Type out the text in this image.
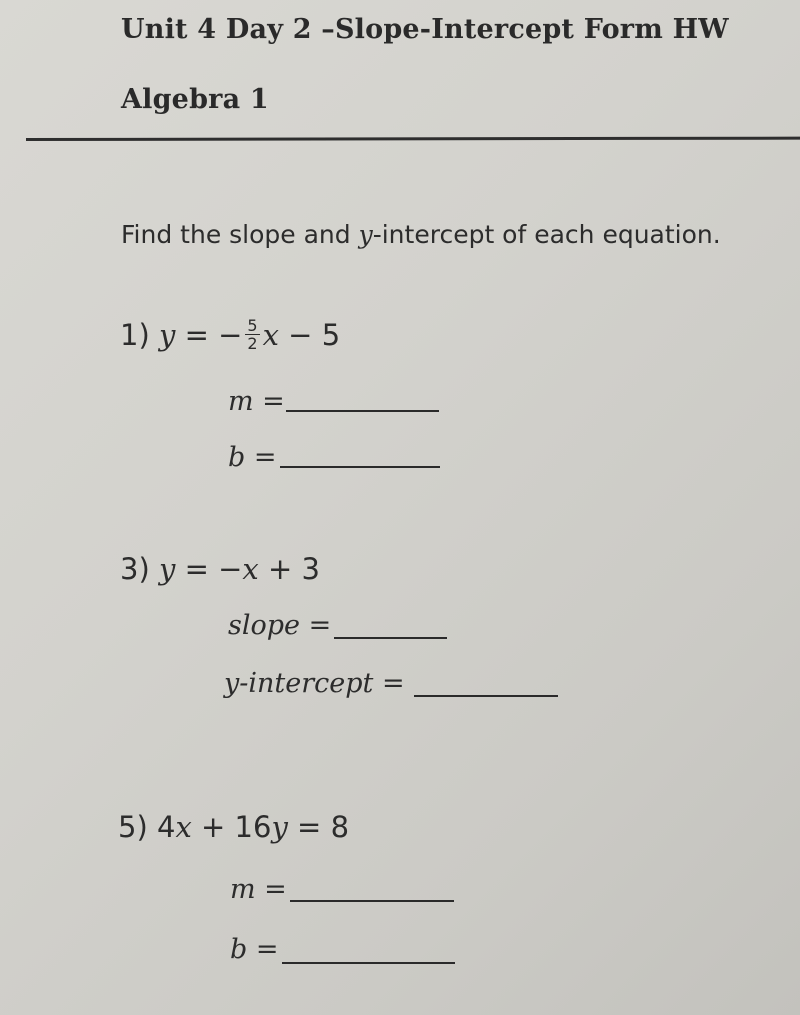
Unit 4 Day 2 –Slope-Intercept Form HW
Algebra 1
Find the slope and y-intercept of each equation.
1) y = − $\frac{5}{2}$ x − 5
m =
b =
3) y = −x + 3
slope =
y-intercept =
5) 4x + 16y = 8
m =
b =
